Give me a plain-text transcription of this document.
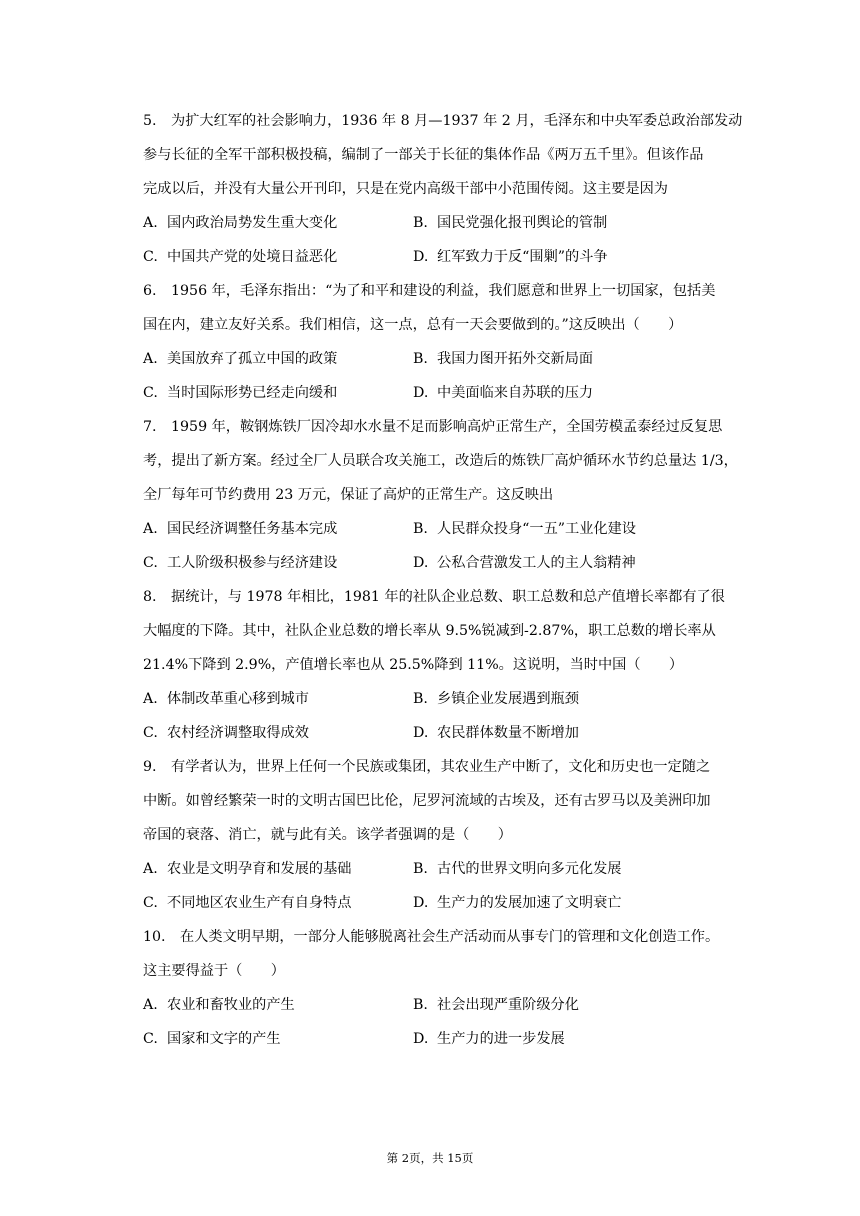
5. 为扩大红军的社会影响力，1936 年 8 月—1937 年 2 月，毛泽东和中央军委总政治部发动
参与长征的全军干部积极投稿，编制了一部关于长征的集体作品《两万五千里》。但该作品
完成以后，并没有大量公开刊印，只是在党内高级干部中小范围传阅。这主要是因为
A. 国内政治局势发生重大变化	B. 国民党强化报刊舆论的管制
C. 中国共产党的处境日益恶化	D. 红军致力于反“围剿”的斗争
6. 1956 年，毛泽东指出：“为了和平和建设的利益，我们愿意和世界上一切国家，包括美
国在内，建立友好关系。我们相信，这一点，总有一天会要做到的。”这反映出（　　）
A. 美国放弃了孤立中国的政策	B. 我国力图开拓外交新局面
C. 当时国际形势已经走向缓和	D. 中美面临来自苏联的压力
7. 1959 年，鞍钢炼铁厂因冷却水水量不足而影响高炉正常生产，全国劳模孟泰经过反复思
考，提出了新方案。经过全厂人员联合攻关施工，改造后的炼铁厂高炉循环水节约总量达 1/3，
全厂每年可节约费用 23 万元，保证了高炉的正常生产。这反映出
A. 国民经济调整任务基本完成	B. 人民群众投身“一五”工业化建设
C. 工人阶级积极参与经济建设	D. 公私合营激发工人的主人翁精神
8. 据统计，与 1978 年相比，1981 年的社队企业总数、职工总数和总产值增长率都有了很
大幅度的下降。其中，社队企业总数的增长率从 9.5%锐减到-2.87%，职工总数的增长率从
21.4%下降到 2.9%，产值增长率也从 25.5%降到 11%。这说明，当时中国（　　）
A. 体制改革重心移到城市	B. 乡镇企业发展遇到瓶颈
C. 农村经济调整取得成效	D. 农民群体数量不断增加
9. 有学者认为，世界上任何一个民族或集团，其农业生产中断了，文化和历史也一定随之
中断。如曾经繁荣一时的文明古国巴比伦，尼罗河流域的古埃及，还有古罗马以及美洲印加
帝国的衰落、消亡，就与此有关。该学者强调的是（　　）
A. 农业是文明孕育和发展的基础	B. 古代的世界文明向多元化发展
C. 不同地区农业生产有自身特点	D. 生产力的发展加速了文明衰亡
10. 在人类文明早期，一部分人能够脱离社会生产活动而从事专门的管理和文化创造工作。
这主要得益于（　　）
A. 农业和畜牧业的产生	B. 社会出现严重阶级分化
C. 国家和文字的产生	D. 生产力的进一步发展
第 2页，共 15页
